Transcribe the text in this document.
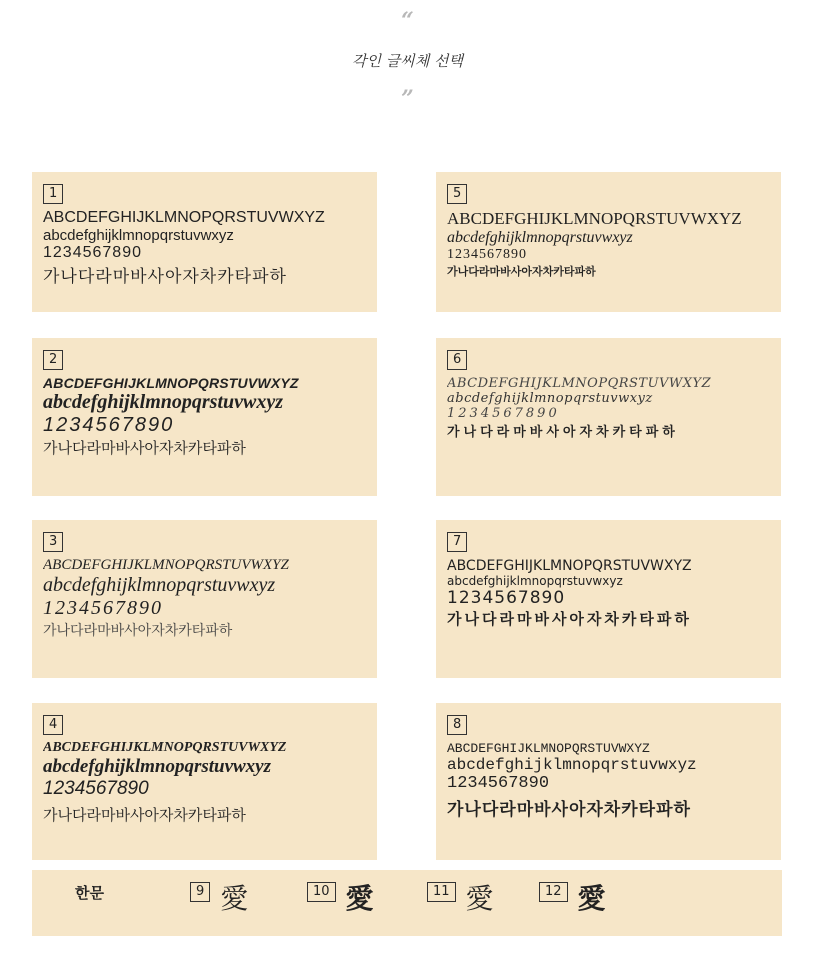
“
각인 글씨체 선택
”
1
ABCDEFGHIJKLMNOPQRSTUVWXYZ
abcdefghijklmnopqrstuvwxyz
1234567890
가나다라마바사아자차카타파하
2
ABCDEFGHIJKLMNOPQRSTUVWXYZ
abcdefghijklmnopqrstuvwxyz
1234567890
가나다라마바사아자차카타파하
3
ABCDEFGHIJKLMNOPQRSTUVWXYZ
abcdefghijklmnopqrstuvwxyz
1234567890
가나다라마바사아자차카타파하
4
ABCDEFGHIJKLMNOPQRSTUVWXYZ
abcdefghijklmnopqrstuvwxyz
1234567890
가나다라마바사아자차카타파하
5
ABCDEFGHIJKLMNOPQRSTUVWXYZ
abcdefghijklmnopqrstuvwxyz
1234567890
가나다라마바사아자차카타파하
6
ABCDEFGHIJKLMNOPQRSTUVWXYZ
abcdefghijklmnopqrstuvwxyz
1234567890
가나다라마바사아자차카타파하
7
ABCDEFGHIJKLMNOPQRSTUVWXYZ
abcdefghijklmnopqrstuvwxyz
1234567890
가나다라마바사아자차카타파하
8
ABCDEFGHIJKLMNOPQRSTUVWXYZ
abcdefghijklmnopqrstuvwxyz
1234567890
가나다라마바사아자차카타파하
한문	9 愛	10 愛	11 愛	12 愛
